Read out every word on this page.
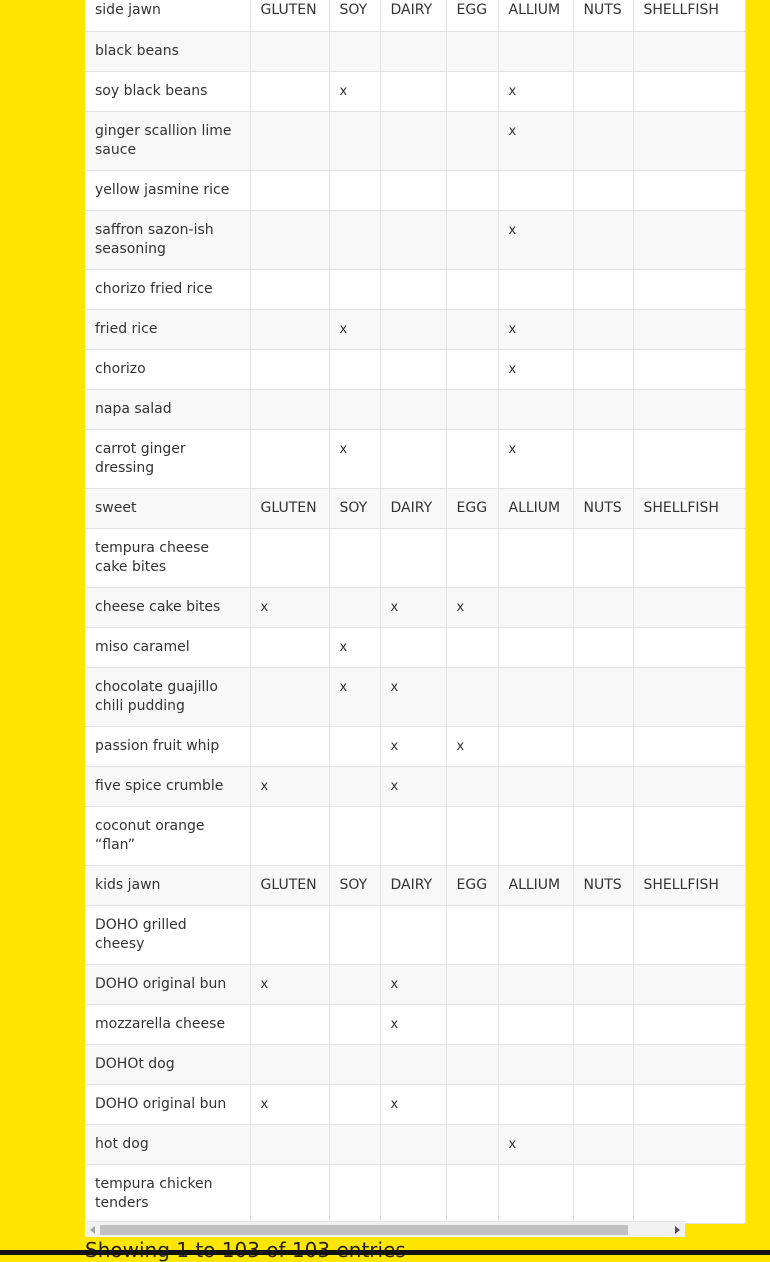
side jawn	GLUTEN	SOY	DAIRY	EGG	ALLIUM	NUTS	SHELLFISH
black beans							
soy black beans		x			x		
ginger scallion lime sauce					x		
yellow jasmine rice							
saffron sazon-ish seasoning					x		
chorizo fried rice							
fried rice		x			x		
chorizo					x		
napa salad							
carrot ginger dressing		x			x		
sweet	GLUTEN	SOY	DAIRY	EGG	ALLIUM	NUTS	SHELLFISH
tempura cheese cake bites							
cheese cake bites	x		x	x			
miso caramel		x					
chocolate guajillo chili pudding		x	x				
passion fruit whip			x	x			
five spice crumble	x		x				
coconut orange “flan”							
kids jawn	GLUTEN	SOY	DAIRY	EGG	ALLIUM	NUTS	SHELLFISH
DOHO grilled cheesy							
DOHO original bun	x		x				
mozzarella cheese			x				
DOHOt dog							
DOHO original bun	x		x				
hot dog					x		
tempura chicken tenders							
